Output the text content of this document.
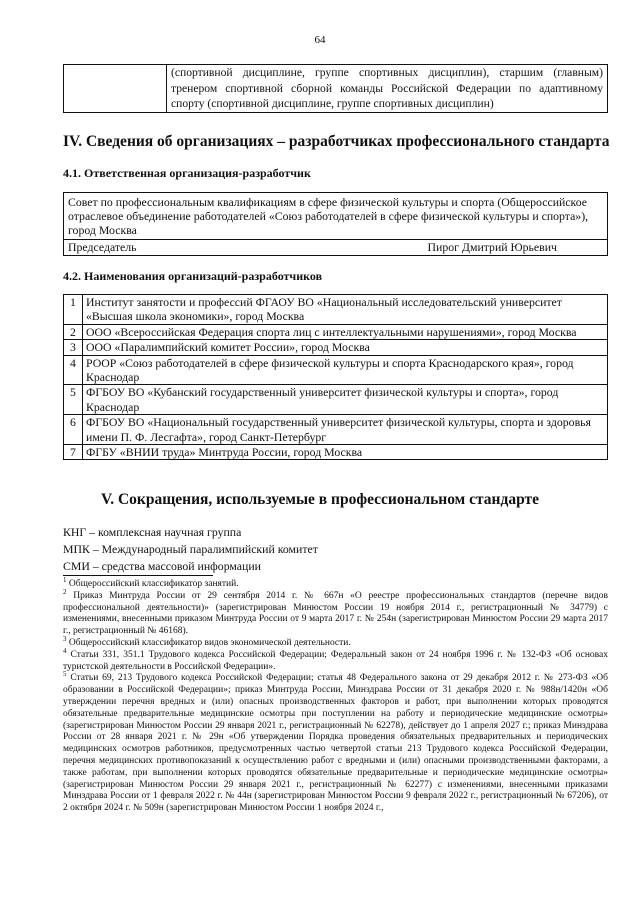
64
	(спортивной дисциплине, группе спортивных дисциплин), старшим (главным) тренером спортивной сборной команды Российской Федерации по адаптивному спорту (спортивной дисциплине, группе спортивных дисциплин)
IV. Сведения об организациях – разработчиках профессионального стандарта
4.1. Ответственная организация-разработчик
Совет по профессиональным квалификациям в сфере физической культуры и спорта (Общероссийское отраслевое объединение работодателей «Союз работодателей в сфере физической культуры и спорта»), город Москва
Председатель	Пирог Дмитрий Юрьевич
4.2. Наименования организаций-разработчиков
1	Институт занятости и профессий ФГАОУ ВО «Национальный исследовательский университет «Высшая школа экономики», город Москва
2	ООО «Всероссийская Федерация спорта лиц с интеллектуальными нарушениями», город Москва
3	ООО «Паралимпийский комитет России», город Москва
4	РООР «Союз работодателей в сфере физической культуры и спорта Краснодарского края», город Краснодар
5	ФГБОУ ВО «Кубанский государственный университет физической культуры и спорта», город Краснодар
6	ФГБОУ ВО «Национальный государственный университет физической культуры, спорта и здоровья имени П. Ф. Лесгафта», город Санкт-Петербург
7	ФГБУ «ВНИИ труда» Минтруда России, город Москва
V. Сокращения, используемые в профессиональном стандарте
КНГ – комплексная научная группа
МПК – Международный паралимпийский комитет
СМИ – средства массовой информации

$^1$ Общероссийский классификатор занятий.

$^2$ Приказ Минтруда России от 29 сентября 2014 г. № 667н «О реестре профессиональных стандартов (перечне видов профессиональной деятельности)» (зарегистрирован Минюстом России 19 ноября 2014 г., регистрационный № 34779) с изменениями, внесенными приказом Минтруда России от 9 марта 2017 г. № 254н (зарегистрирован Минюстом России 29 марта 2017 г., регистрационный № 46168).

$^3$ Общероссийский классификатор видов экономической деятельности.

$^4$ Статьи 331, 351.1 Трудового кодекса Российской Федерации; Федеральный закон от 24 ноября 1996 г. № 132-ФЗ «Об основах туристской деятельности в Российской Федерации».

$^5$ Статьи 69, 213 Трудового кодекса Российской Федерации; статья 48 Федерального закона от 29 декабря 2012 г. № 273-ФЗ «Об образовании в Российской Федерации»; приказ Минтруда России, Минздрава России от 31 декабря 2020 г. № 988н/1420н «Об утверждении перечня вредных и (или) опасных производственных факторов и работ, при выполнении которых проводятся обязательные предварительные медицинские осмотры при поступлении на работу и периодические медицинские осмотры» (зарегистрирован Минюстом России 29 января 2021 г., регистрационный № 62278), действует до 1 апреля 2027 г.; приказ Минздрава России от 28 января 2021 г. № 29н «Об утверждении Порядка проведения обязательных предварительных и периодических медицинских осмотров работников, предусмотренных частью четвертой статьи 213 Трудового кодекса Российской Федерации, перечня медицинских противопоказаний к осуществлению работ с вредными и (или) опасными производственными факторами, а также работам, при выполнении которых проводятся обязательные предварительные и периодические медицинские осмотры» (зарегистрирован Минюстом России 29 января 2021 г., регистрационный № 62277) с изменениями, внесенными приказами Минздрава России от 1 февраля 2022 г. № 44н (зарегистрирован Минюстом России 9 февраля 2022 г., регистрационный № 67206), от 2 октября 2024 г. № 509н (зарегистрирован Минюстом России 1 ноября 2024 г.,
